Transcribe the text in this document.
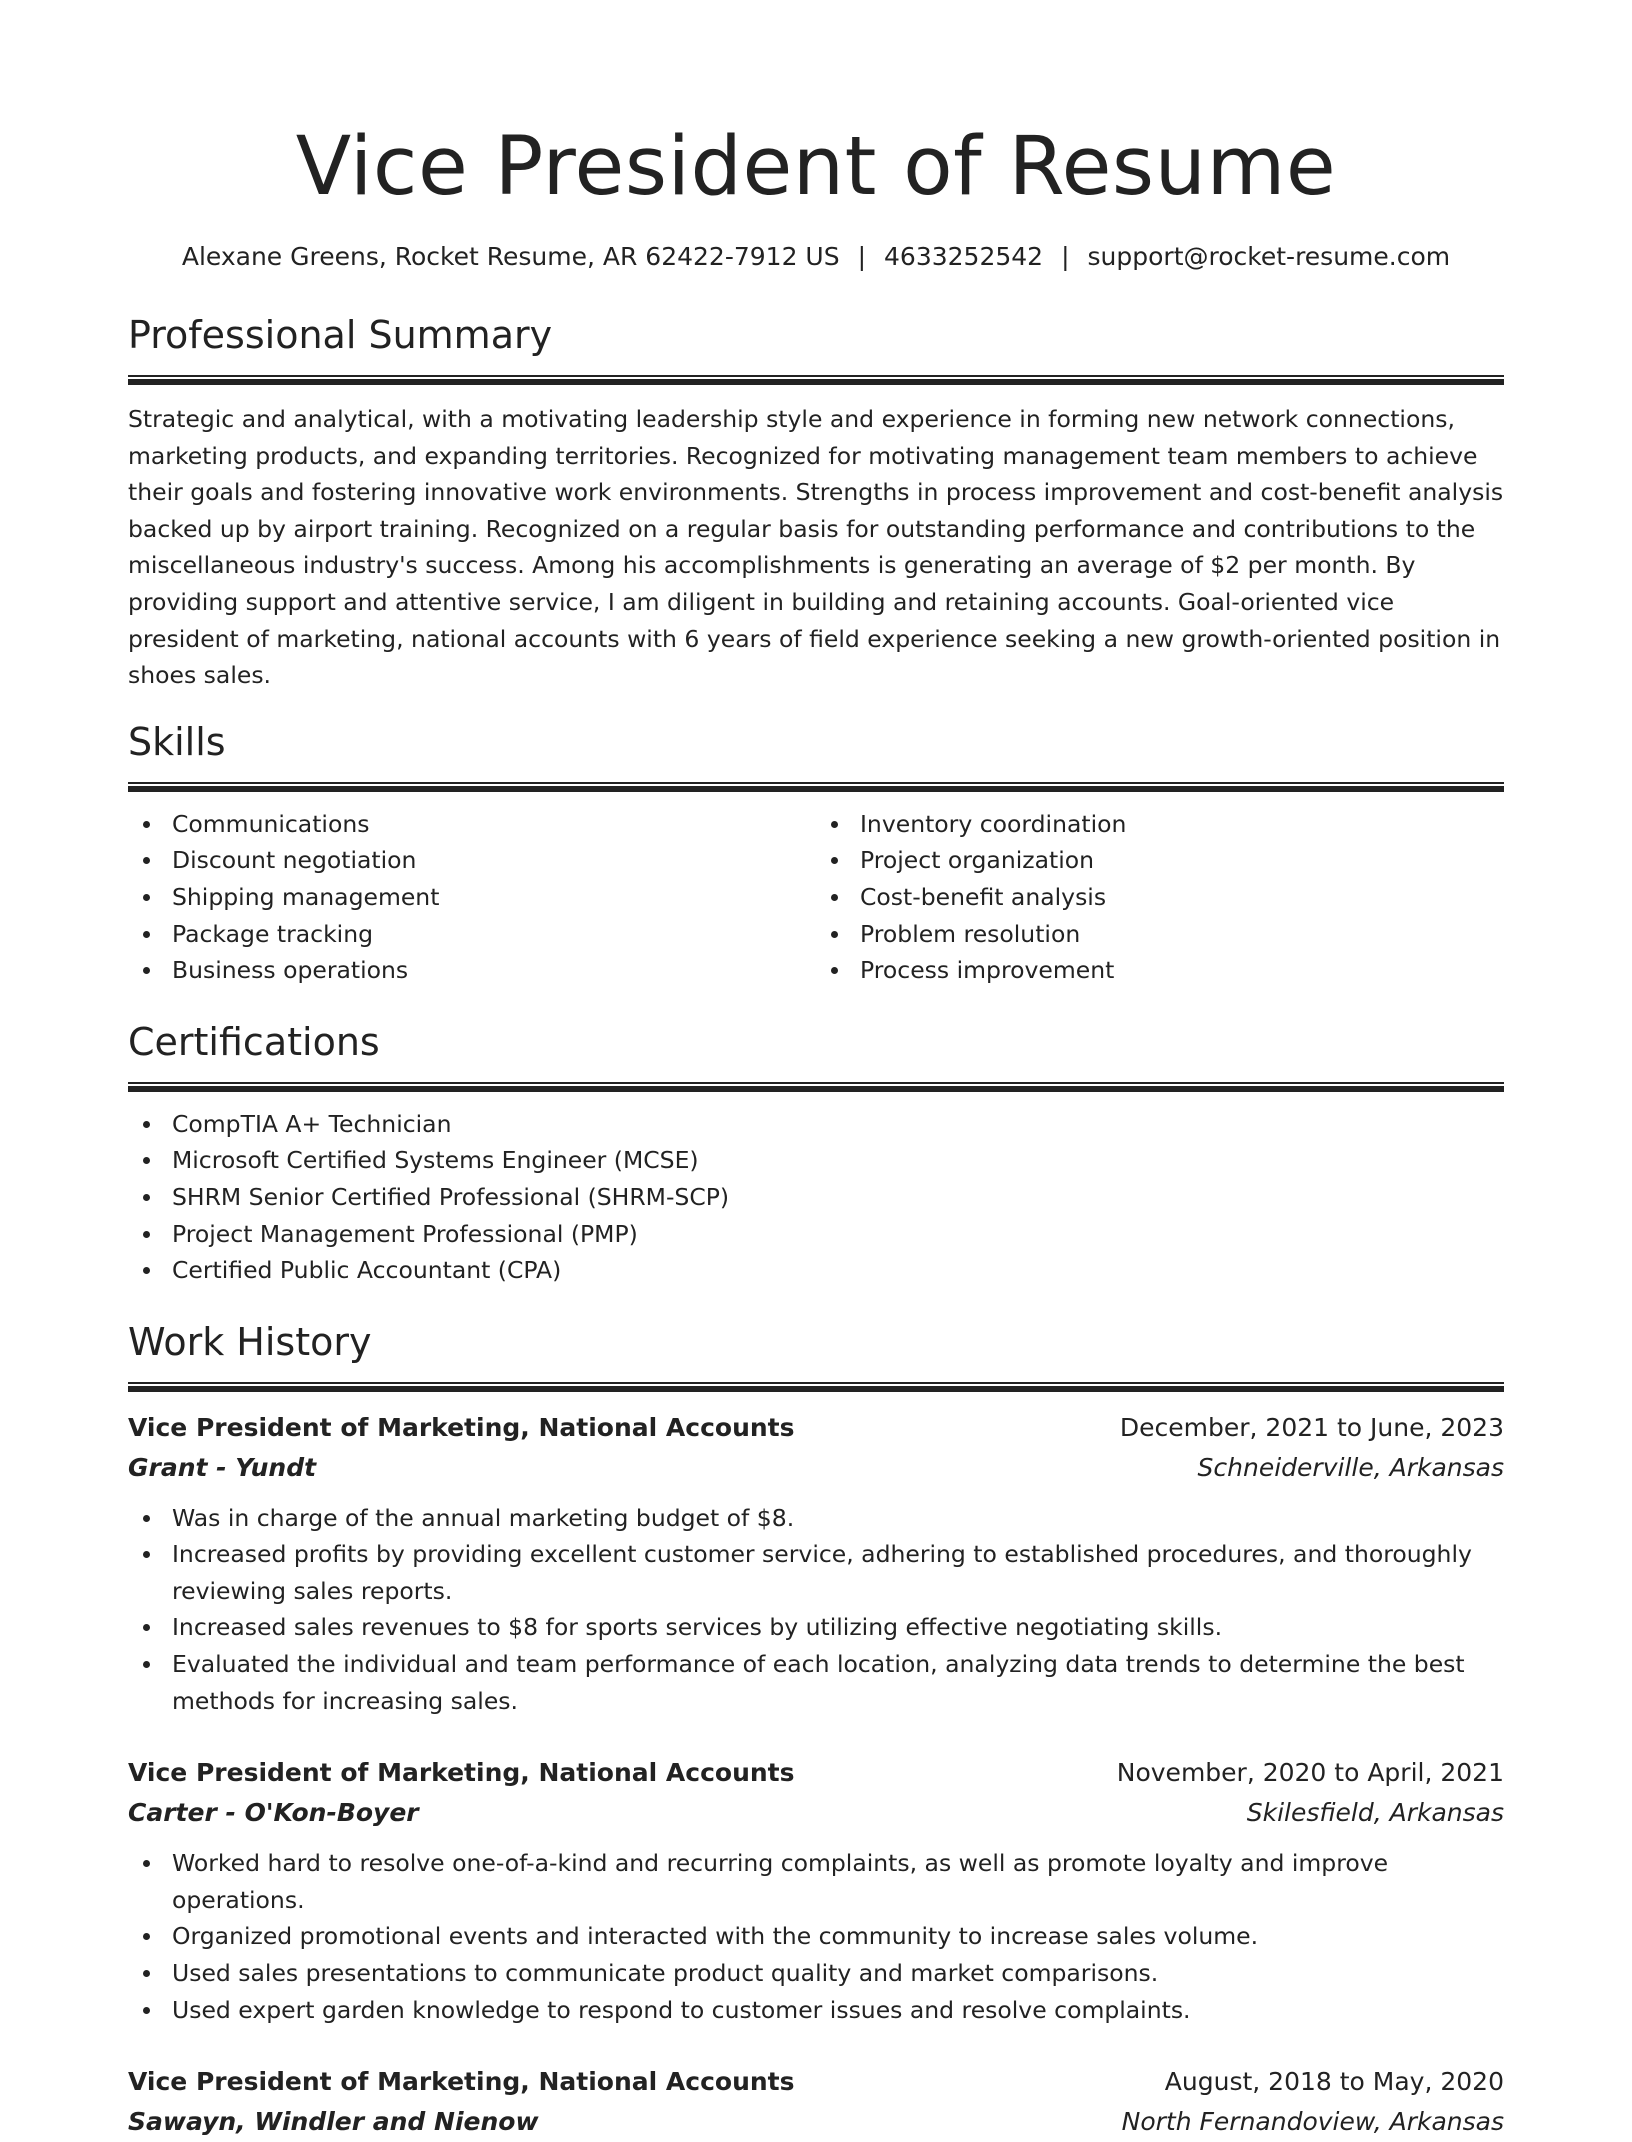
Vice President of Resume
Alexane Greens, Rocket Resume, AR 62422-7912 US | 4633252542 | support@rocket-resume.com
Professional Summary
Strategic and analytical, with a motivating leadership style and experience in forming new network connections, marketing products, and expanding territories. Recognized for motivating management team members to achieve their goals and fostering innovative work environments. Strengths in process improvement and cost-benefit analysis backed up by airport training. Recognized on a regular basis for outstanding performance and contributions to the miscellaneous industry's success. Among his accomplishments is generating an average of $2 per month. By providing support and attentive service, I am diligent in building and retaining accounts. Goal-oriented vice president of marketing, national accounts with 6 years of field experience seeking a new growth-oriented position in shoes sales.
Skills
Communications
Discount negotiation
Shipping management
Package tracking
Business operations
Inventory coordination
Project organization
Cost-benefit analysis
Problem resolution
Process improvement
Certifications
CompTIA A+ Technician
Microsoft Certified Systems Engineer (MCSE)
SHRM Senior Certified Professional (SHRM-SCP)
Project Management Professional (PMP)
Certified Public Accountant (CPA)
Work History
Vice President of Marketing, National Accounts	December, 2021 to June, 2023
Grant - Yundt	Schneiderville, Arkansas
Was in charge of the annual marketing budget of $8.
Increased profits by providing excellent customer service, adhering to established procedures, and thoroughly reviewing sales reports.
Increased sales revenues to $8 for sports services by utilizing effective negotiating skills.
Evaluated the individual and team performance of each location, analyzing data trends to determine the best methods for increasing sales.
Vice President of Marketing, National Accounts	November, 2020 to April, 2021
Carter - O'Kon-Boyer	Skilesfield, Arkansas
Worked hard to resolve one-of-a-kind and recurring complaints, as well as promote loyalty and improve operations.
Organized promotional events and interacted with the community to increase sales volume.
Used sales presentations to communicate product quality and market comparisons.
Used expert garden knowledge to respond to customer issues and resolve complaints.
Vice President of Marketing, National Accounts	August, 2018 to May, 2020
Sawayn, Windler and Nienow	North Fernandoview, Arkansas
